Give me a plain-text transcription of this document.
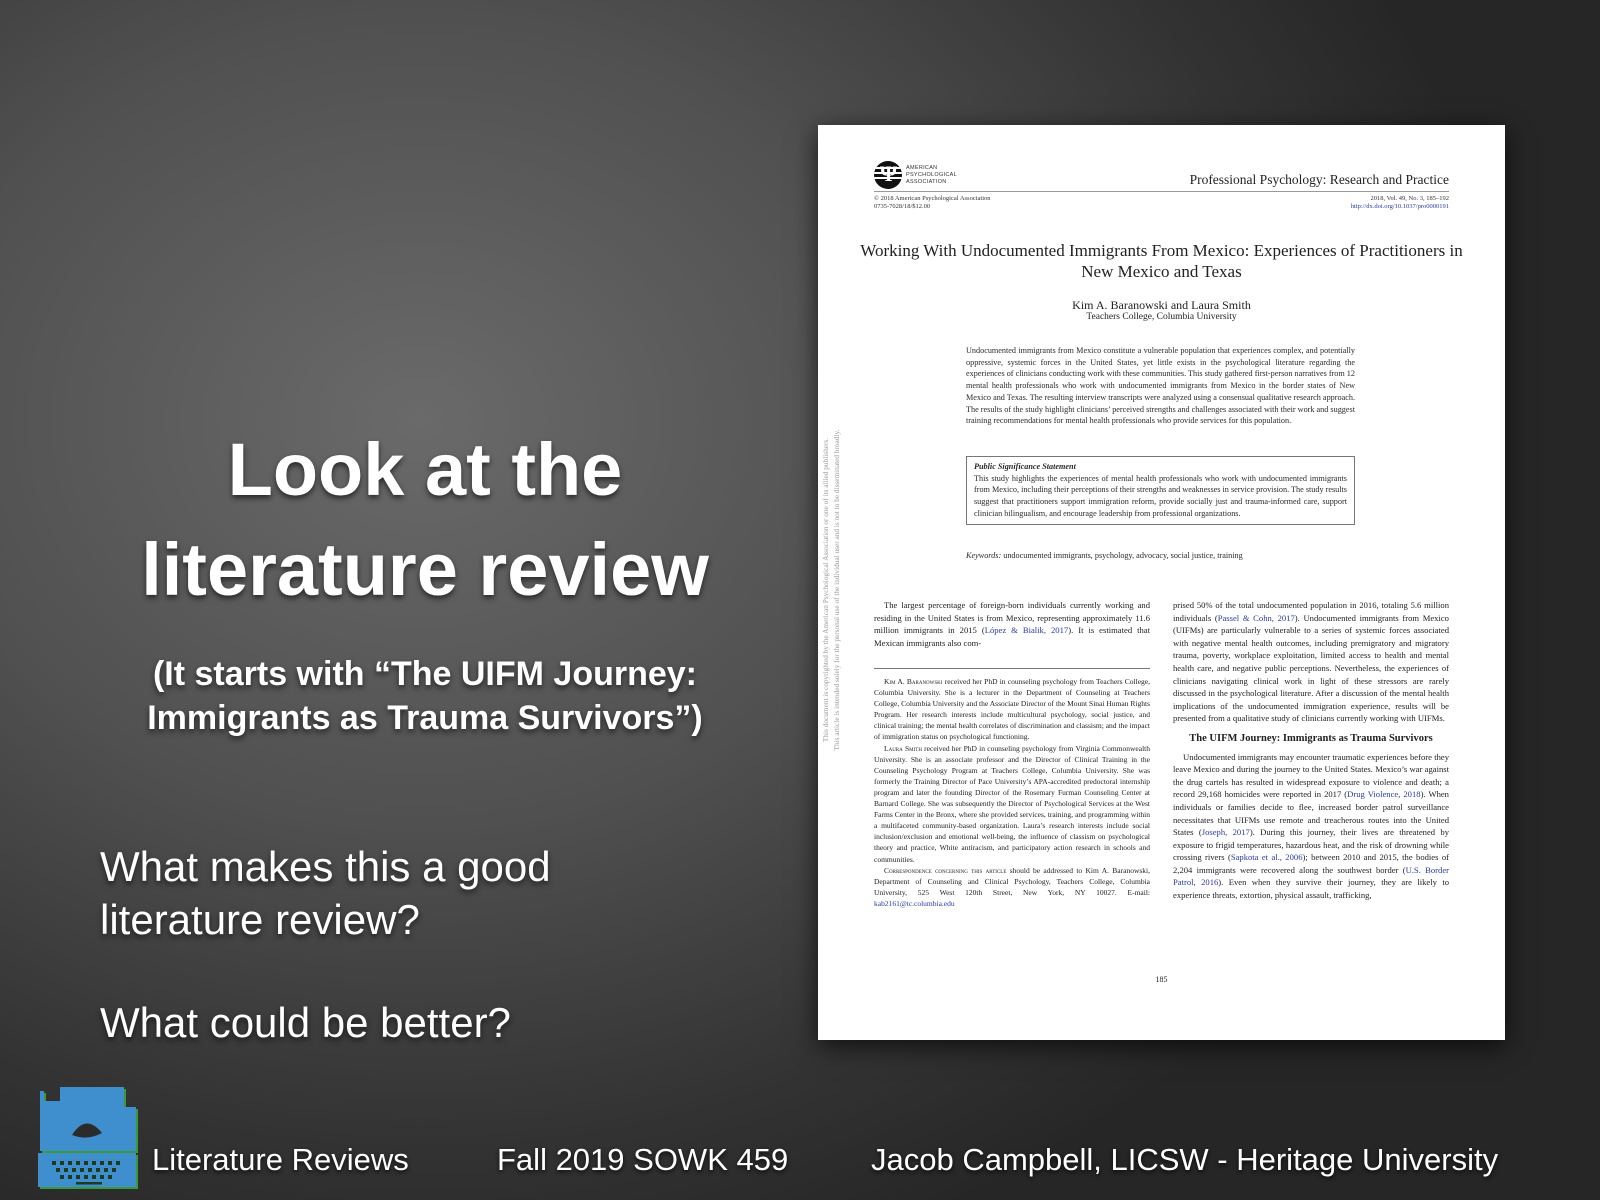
Look at the literature review
(It starts with “The UIFM Journey: Immigrants as Trauma Survivors”)
What makes this a good literature review?
What could be better?
This document is copyrighted by the American Psychological Association or one of its allied publishers. This article is intended solely for the personal use of the individual user and is not to be disseminated broadly.
Ψ
AMERICAN PSYCHOLOGICAL ASSOCIATION	Professional Psychology: Research and Practice
© 2018 American Psychological Association
0735-7028/18/$12.00
2018, Vol. 49, No. 3, 185–192
http://dx.doi.org/10.1037/pro0000191
Working With Undocumented Immigrants From Mexico: Experiences of Practitioners in New Mexico and Texas
Kim A. Baranowski and Laura Smith
Teachers College, Columbia University
Undocumented immigrants from Mexico constitute a vulnerable population that experiences complex, and potentially oppressive, systemic forces in the United States, yet little exists in the psychological literature regarding the experiences of clinicians conducting work with these communities. This study gathered first-person narratives from 12 mental health professionals who work with undocumented immigrants from Mexico in the border states of New Mexico and Texas. The resulting interview transcripts were analyzed using a consensual qualitative research approach. The results of the study highlight clinicians’ perceived strengths and challenges associated with their work and suggest training recommendations for mental health professionals who provide services for this population.
Public Significance Statement
This study highlights the experiences of mental health professionals who work with undocumented immigrants from Mexico, including their perceptions of their strengths and weaknesses in service provision. The study results suggest that practitioners support immigration reform, provide socially just and trauma-informed care, support clinician bilingualism, and encourage leadership from professional organizations.
Keywords: undocumented immigrants, psychology, advocacy, social justice, training
The largest percentage of foreign-born individuals currently working and residing in the United States is from Mexico, representing approximately 11.6 million immigrants in 2015 (López & Bialik, 2017). It is estimated that Mexican immigrants also com-
Kim A. Baranowski received her PhD in counseling psychology from Teachers College, Columbia University. She is a lecturer in the Department of Counseling at Teachers College, Columbia University and the Associate Director of the Mount Sinai Human Rights Program. Her research interests include multicultural psychology, social justice, and clinical training; the mental health correlates of discrimination and classism; and the impact of immigration status on psychological functioning.
Laura Smith received her PhD in counseling psychology from Virginia Commonwealth University. She is an associate professor and the Director of Clinical Training in the Counseling Psychology Program at Teachers College, Columbia University. She was formerly the Training Director of Pace University’s APA-accredited predoctoral internship program and later the founding Director of the Rosemary Furman Counseling Center at Barnard College. She was subsequently the Director of Psychological Services at the West Farms Center in the Bronx, where she provided services, training, and programming within a multifaceted community-based organization. Laura’s research interests include social inclusion/exclusion and emotional well-being, the influence of classism on psychological theory and practice, White antiracism, and participatory action research in schools and communities.
Correspondence concerning this article should be addressed to Kim A. Baranowski, Department of Counseling and Clinical Psychology, Teachers College, Columbia University, 525 West 120th Street, New York, NY 10027. E-mail: kab2161@tc.columbia.edu
prised 50% of the total undocumented population in 2016, totaling 5.6 million individuals (Passel & Cohn, 2017). Undocumented immigrants from Mexico (UIFMs) are particularly vulnerable to a series of systemic forces associated with negative mental health outcomes, including premigratory and migratory trauma, poverty, workplace exploitation, limited access to health and mental health care, and negative public perceptions. Nevertheless, the experiences of clinicians navigating clinical work in light of these stressors are rarely discussed in the psychological literature. After a discussion of the mental health implications of the undocumented immigration experience, results will be presented from a qualitative study of clinicians currently working with UIFMs.
The UIFM Journey: Immigrants as Trauma Survivors
Undocumented immigrants may encounter traumatic experiences before they leave Mexico and during the journey to the United States. Mexico’s war against the drug cartels has resulted in widespread exposure to violence and death; a record 29,168 homicides were reported in 2017 (Drug Violence, 2018). When individuals or families decide to flee, increased border patrol surveillance necessitates that UIFMs use remote and treacherous routes into the United States (Joseph, 2017). During this journey, their lives are threatened by exposure to frigid temperatures, hazardous heat, and the risk of drowning while crossing rivers (Sapkota et al., 2006); between 2010 and 2015, the bodies of 2,204 immigrants were recovered along the southwest border (U.S. Border Patrol, 2016). Even when they survive their journey, they are likely to experience threats, extortion, physical assault, trafficking,
185
Literature Reviews	Fall 2019 SOWK 459	Jacob Campbell, LICSW - Heritage University
